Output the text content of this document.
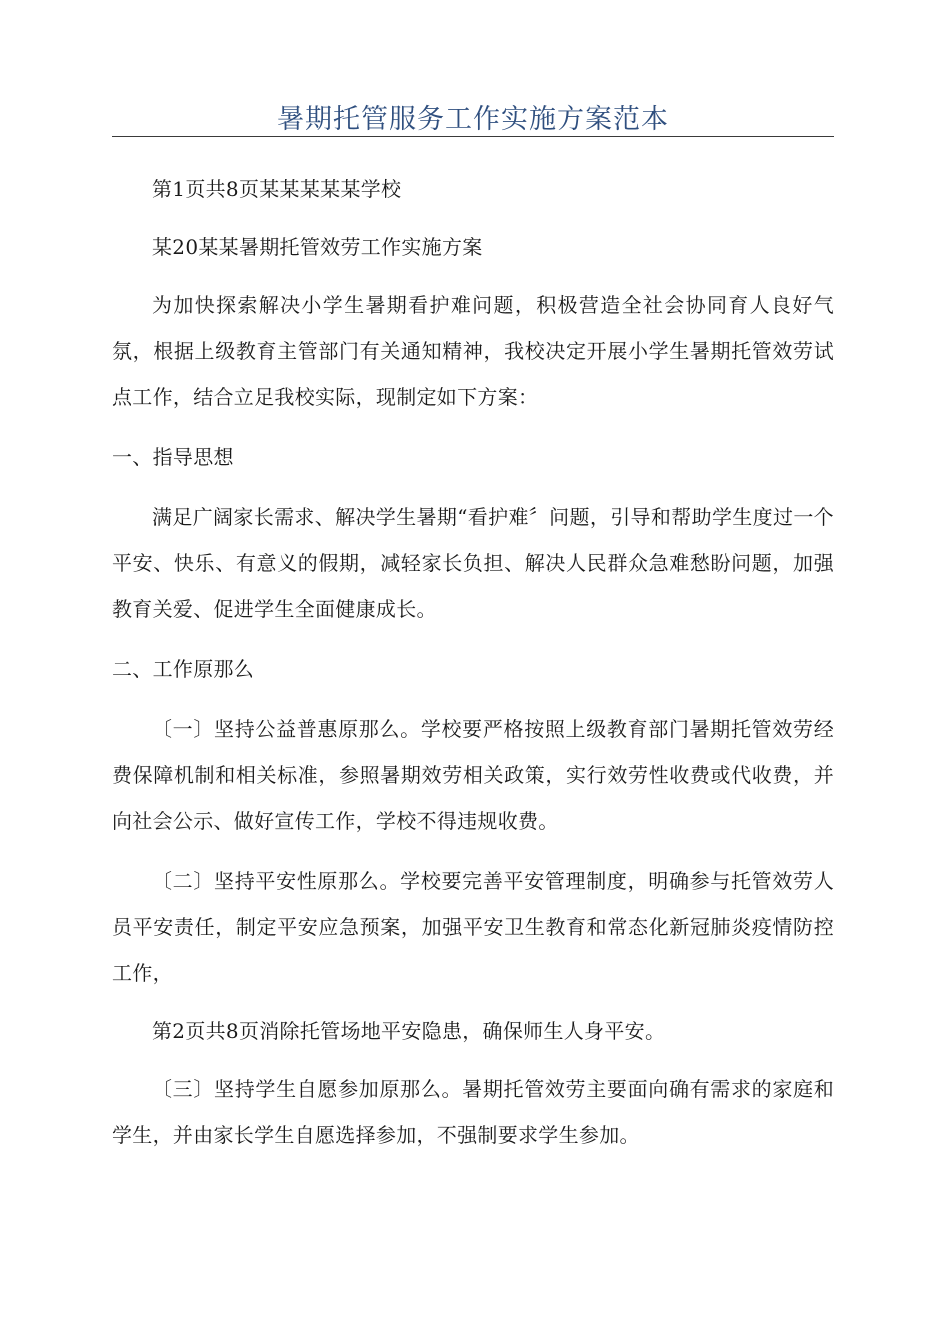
暑期托管服务工作实施方案范本

第1页共8页某某某某某学校

某20某某暑期托管效劳工作实施方案

为加快探索解决小学生暑期看护难问题，积极营造全社会协同育人良好气氛，根据上级教育主管部门有关通知精神，我校决定开展小学生暑期托管效劳试点工作，结合立足我校实际，现制定如下方案：

一、指导思想

满足广阔家长需求、解决学生暑期“看护难〞问题，引导和帮助学生度过一个平安、快乐、有意义的假期，减轻家长负担、解决人民群众急难愁盼问题，加强教育关爱、促进学生全面健康成长。

二、工作原那么

〔一〕坚持公益普惠原那么。学校要严格按照上级教育部门暑期托管效劳经费保障机制和相关标准，参照暑期效劳相关政策，实行效劳性收费或代收费，并向社会公示、做好宣传工作，学校不得违规收费。

〔二〕坚持平安性原那么。学校要完善平安管理制度，明确参与托管效劳人员平安责任，制定平安应急预案，加强平安卫生教育和常态化新冠肺炎疫情防控工作，

第2页共8页消除托管场地平安隐患，确保师生人身平安。

〔三〕坚持学生自愿参加原那么。暑期托管效劳主要面向确有需求的家庭和学生，并由家长学生自愿选择参加，不强制要求学生参加。
